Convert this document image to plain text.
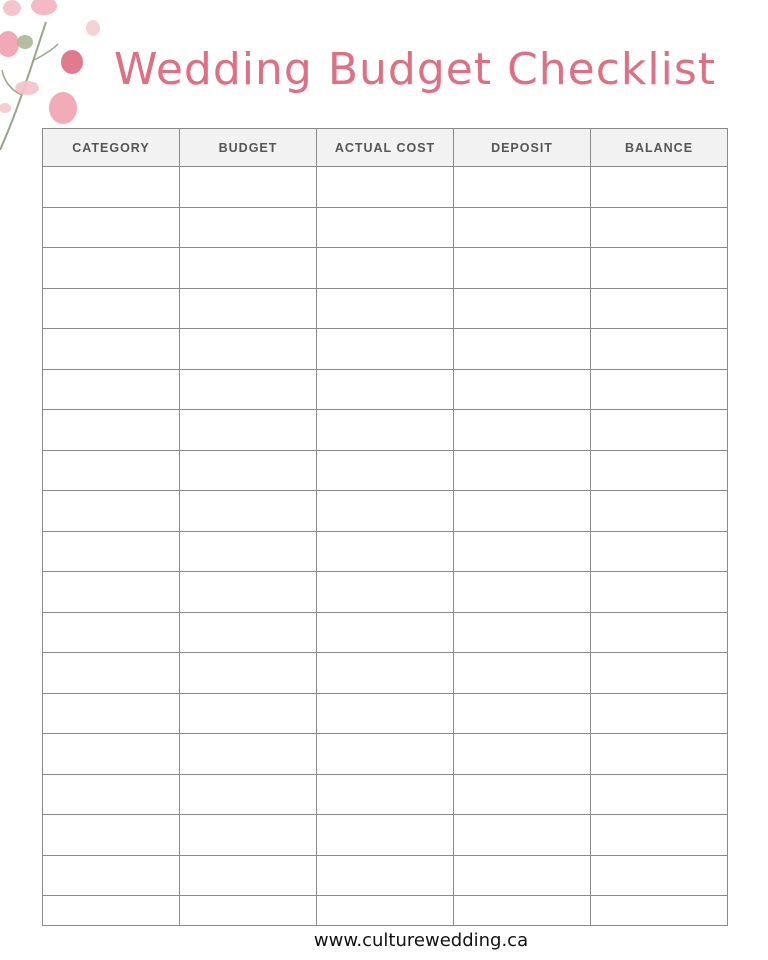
Wedding Budget Checklist
CATEGORY	BUDGET	ACTUAL COST	DEPOSIT	BALANCE

www.culturewedding.ca
